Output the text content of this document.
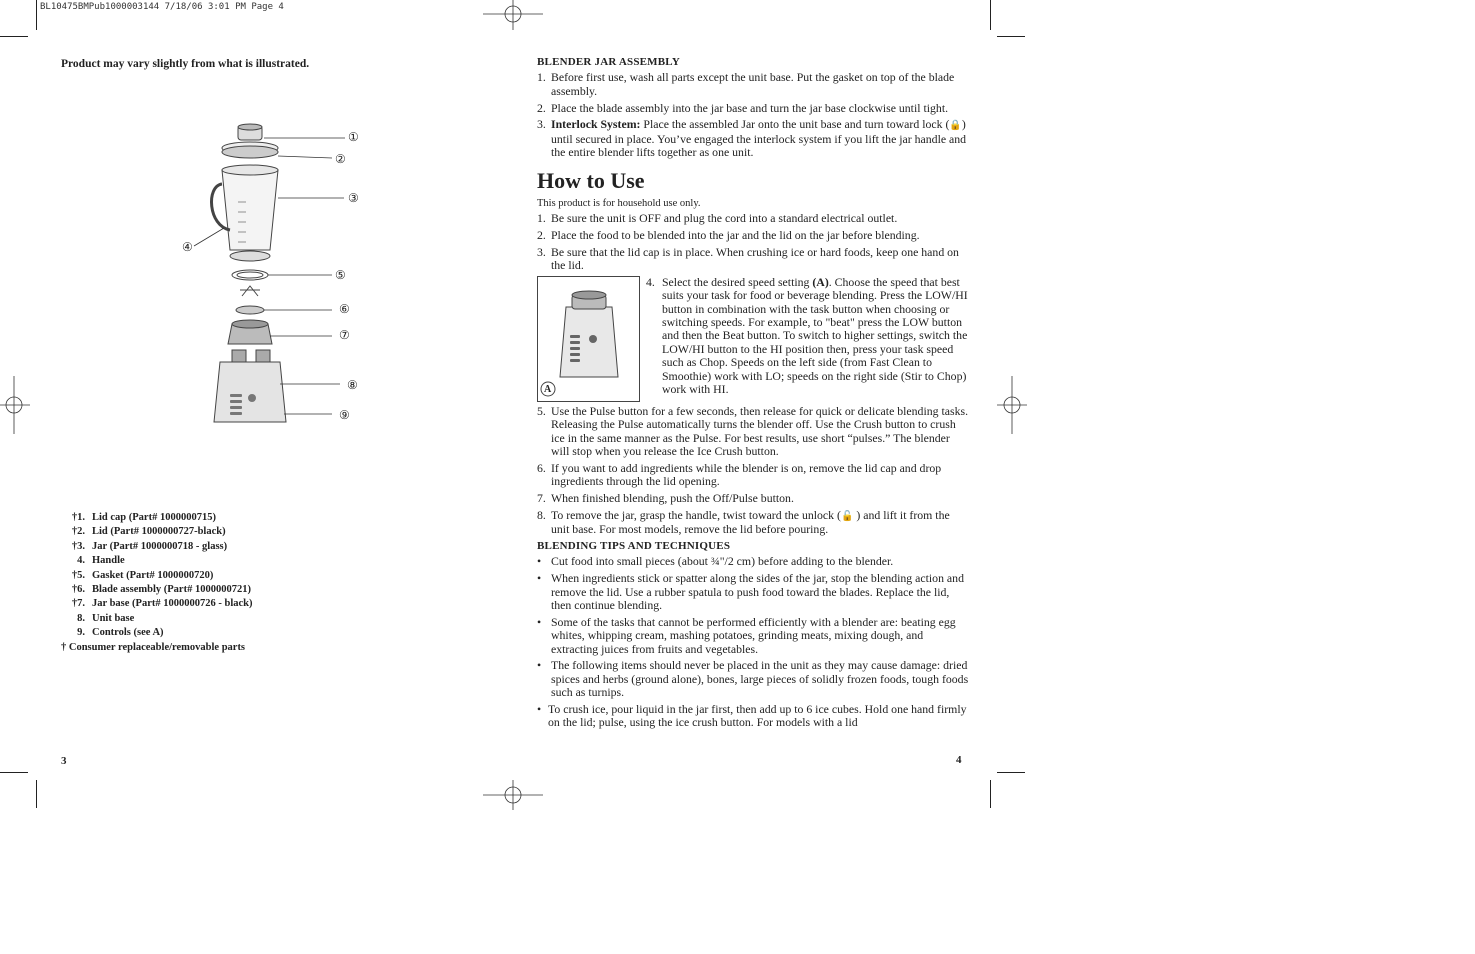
BL10475BMPub1000003144 7/18/06 3:01 PM Page 4
Product may vary slightly from what is illustrated.
①
②
③
④
⑤
⑥
⑦
⑧
⑨
†1. Lid cap (Part# 1000000715)
†2. Lid (Part# 1000000727-black)
†3. Jar (Part# 1000000718 - glass)
4. Handle
†5. Gasket (Part# 1000000720)
†6. Blade assembly (Part# 1000000721)
†7. Jar base (Part# 1000000726 - black)
8. Unit base
9. Controls (see A)
† Consumer replaceable/removable parts
3
BLENDER JAR ASSEMBLY
1. Before first use, wash all parts except the unit base. Put the gasket on top of the blade assembly.
2. Place the blade assembly into the jar base and turn the jar base clockwise until tight.
3. Interlock System: Place the assembled Jar onto the unit base and turn toward lock (🔒) until secured in place. You’ve engaged the interlock system if you lift the jar handle and the entire blender lifts together as one unit.
How to Use
This product is for household use only.
1. Be sure the unit is OFF and plug the cord into a standard electrical outlet.
2. Place the food to be blended into the jar and the lid on the jar before blending.
3. Be sure that the lid cap is in place. When crushing ice or hard foods, keep one hand on the lid.
A
4. Select the desired speed setting (A). Choose the speed that best suits your task for food or beverage blending. Press the LOW/HI button in combination with the task button when choosing or switching speeds. For example, to "beat" press the LOW button and then the Beat button. To switch to higher settings, switch the LOW/HI button to the HI position then, press your task speed such as Chop. Speeds on the left side (from Fast Clean to Smoothie) work with LO; speeds on the right side (Stir to Chop) work with HI.
5. Use the Pulse button for a few seconds, then release for quick or delicate blending tasks. Releasing the Pulse automatically turns the blender off. Use the Crush button to crush ice in the same manner as the Pulse. For best results, use short “pulses.” The blender will stop when you release the Ice Crush button.
6. If you want to add ingredients while the blender is on, remove the lid cap and drop ingredients through the lid opening.
7. When finished blending, push the Off/Pulse button.
8. To remove the jar, grasp the handle, twist toward the unlock (🔓 ) and lift it from the unit base. For most models, remove the lid before pouring.
BLENDING TIPS AND TECHNIQUES
• Cut food into small pieces (about ¾"/2 cm) before adding to the blender.
• When ingredients stick or spatter along the sides of the jar, stop the blending action and remove the lid. Use a rubber spatula to push food toward the blades. Replace the lid, then continue blending.
• Some of the tasks that cannot be performed efficiently with a blender are: beating egg whites, whipping cream, mashing potatoes, grinding meats, mixing dough, and extracting juices from fruits and vegetables.
• The following items should never be placed in the unit as they may cause damage: dried spices and herbs (ground alone), bones, large pieces of solidly frozen foods, tough foods such as turnips.
• To crush ice, pour liquid in the jar first, then add up to 6 ice cubes. Hold one hand firmly on the lid; pulse, using the ice crush button. For models with a lid
4
